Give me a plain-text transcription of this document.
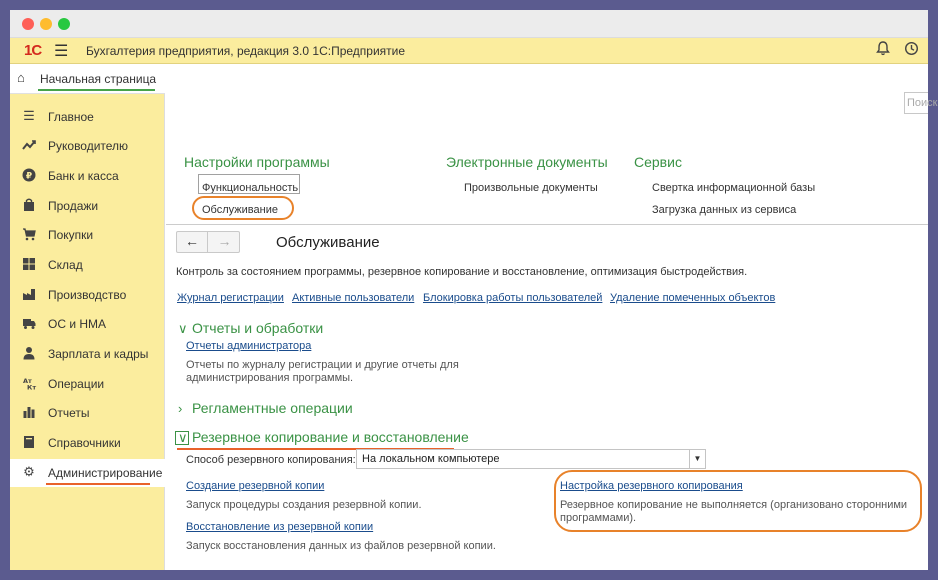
1С ☰ Бухгалтерия предприятия, редакция 3.0 1С:Предприятие
⌂ Начальная страница
☰ Главное
Руководителю
₽ Банк и касса
Продажи
Покупки
Склад
Производство
ОС и НМА
Зарплата и кадры
Ат
Кт Операции
Отчеты
Справочники
⚙ Администрирование
Поиск
Настройки программы
Функциональность
Обслуживание
Электронные документы
Произвольные документы
Сервис
Свертка информационной базы
Загрузка данных из сервиса
←	→	Обслуживание
Контроль за состоянием программы, резервное копирование и восстановление, оптимизация быстродействия.
Журнал регистрации Активные пользователи Блокировка работы пользователей Удаление помеченных объектов
∨ Отчеты и обработки
Отчеты администратора
Отчеты по журналу регистрации и другие отчеты для администрирования программы.
› Регламентные операции
∨ Резервное копирование и восстановление
Способ резервного копирования: На локальном компьютере	▼
Создание резервной копии
Запуск процедуры создания резервной копии.
Восстановление из резервной копии
Запуск восстановления данных из файлов резервной копии.
Настройка резервного копирования
Резервное копирование не выполняется (организовано сторонними программами).
